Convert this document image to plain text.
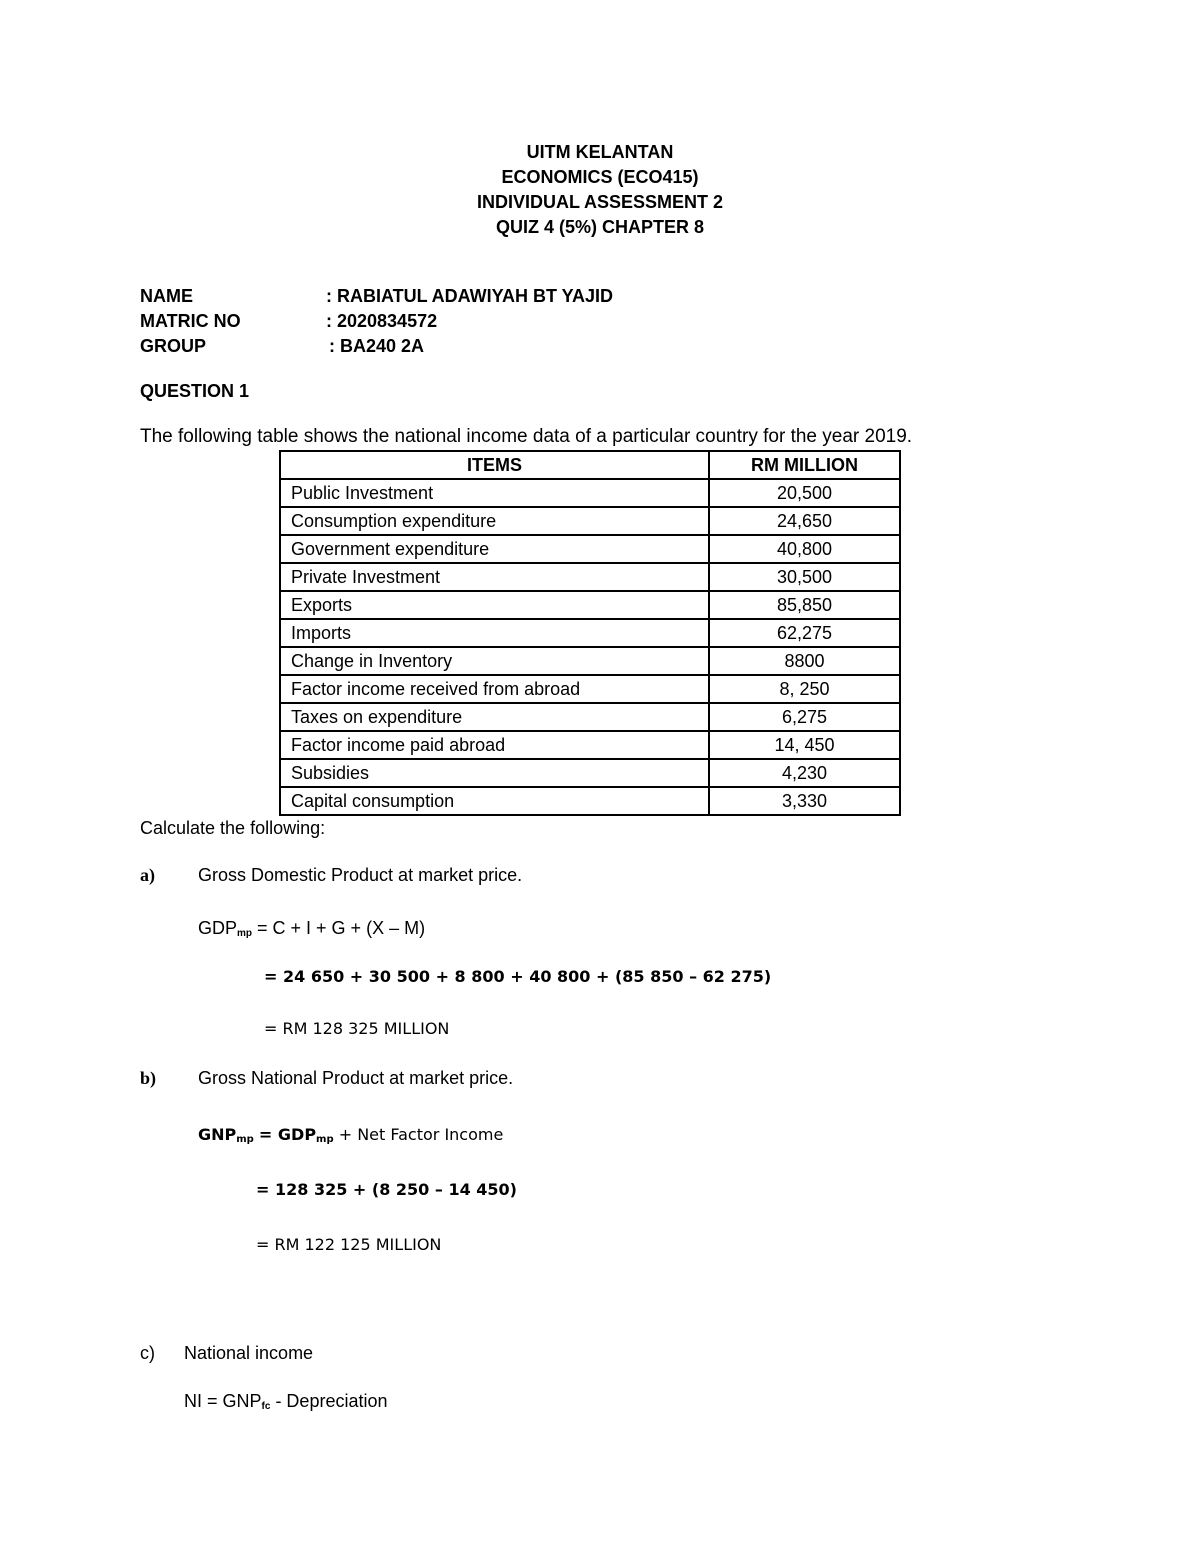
UITM KELANTAN
ECONOMICS (ECO415)
INDIVIDUAL ASSESSMENT 2
QUIZ 4 (5%) CHAPTER 8
NAME	: RABIATUL ADAWIYAH BT YAJID
MATRIC NO	: 2020834572
GROUP	: BA240 2A
QUESTION 1
The following table shows the national income data of a particular country for the year 2019.
ITEMS	RM MILLION
Public Investment	20,500
Consumption expenditure	24,650
Government expenditure	40,800
Private Investment	30,500
Exports	85,850
Imports	62,275
Change in Inventory	8800
Factor income received from abroad	8, 250
Taxes on expenditure	6,275
Factor income paid abroad	14, 450
Subsidies	4,230
Capital consumption	3,330
Calculate the following:
a) Gross Domestic Product at market price.
$GDP_{mp} = C + I + G + (X - M)$
= 24 650 + 30 500 + 8 800 + 40 800 + (85 850 – 62 275)
= RM 128 325 MILLION
b) Gross National Product at market price.
$GNP_{mp} = GDP_{mp}$ + Net Factor Income
= 128 325 + (8 250 – 14 450)
= RM 122 125 MILLION
c) National income
NI = $GNP_{fc}$ - Depreciation
